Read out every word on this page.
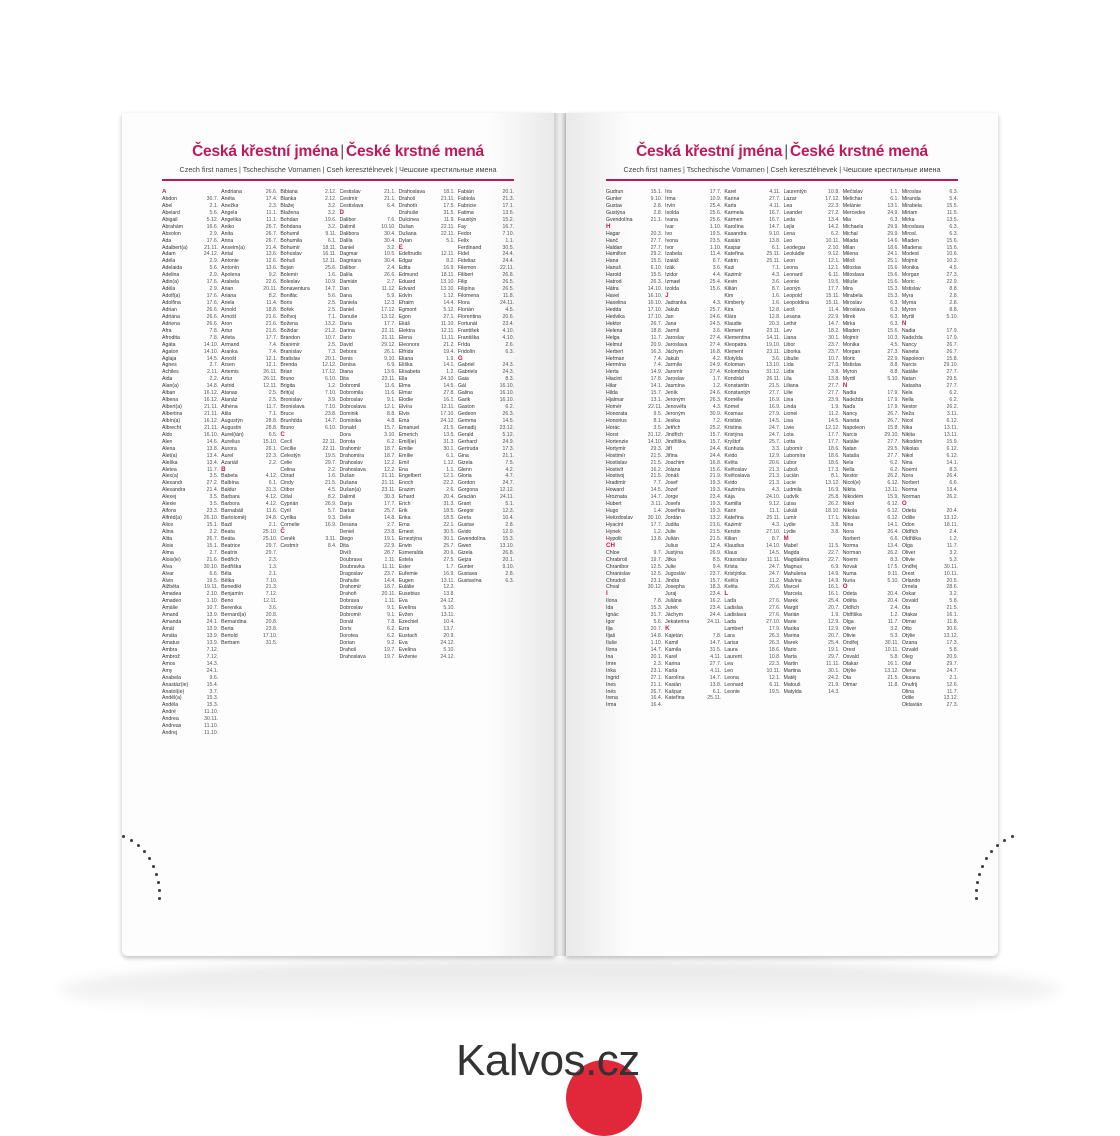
Česká křestní jména | České krstné mená
Czech first names | Tschechische Vornamen | Cseh keresztélnevek | Чешские крестильные имена
A
Abdon	30.7.
Ábel	2.1.
Abelard	5.6.
Abigail	5.12.
Abrahám	16.6.
Absolon	2.9.
Ada	17.6.
Adalbert(a)	21.11.
Adam	24.12.
Adéla	2.9.
Adelaida	5.6.
Adelina	2.9.
Adin(a)	17.6.
Adéla	2.9.
Adolf(a)	17.6.
Adolfina	17.6.
Adrian	26.6.
Adriána	26.6.
Adriena	26.6.
Afra	7.8.
Afrodita	7.8.
Agáta	14.10.
Agaton	14.10.
Aglaja	14.5.
Agnes	2.7.
Achiles	2.11.
Aida	2.2.
Alan(a)	14.8.
Alban	16.12.
Albena	16.12.
Albert(a)	21.11.
Albertina	21.11.
Albín(a)	16.12.
Albrecht	21.11.
Aldo	16.10.
Alen	14.6.
Alena	13.8.
Alet(a)	13.4.
Aleška	13.4.
Aletea	11.7.
Alex(a)	3.5.
Alexandr	27.2.
Alexandra	21.4.
Alexej	3.5.
Alexie	3.5.
Alfons	23.3.
Alfréd(a)	26.10.
Alice	15.1.
Alina	2.2.
Alita	26.7.
Alois	15.1.
Alma	2.7.
Alois(ie)	21.6.
Alva	30.10.
Alvar	6.6.
Alvin	19.5.
Alžběta	19.11.
Amadea	2.10.
Amadeo	1.10.
Amálie	10.7.
Amand	13.9.
Amanda	24.1.
Amát	13.9.
Amáta	13.9.
Amatus	13.9.
Ambra	7.12.
Ambrož	7.12.
Amos	14.3.
Amy	24.1.
Anabela	9.6.
Anastáz(ie)	15.4.
Anatol(ie)	3.7.
Anděl(a)	15.3.
Anděla	15.3.
André	11.10.
Andrea	30.11.
Andreas	11.10.
Andrej	11.10.
Andriana	26.6.
Anéta	17.4.
Anežka	2.3.
Angela	11.1.
Angelika	11.1.
Aniko	26.7.
Anita	26.7.
Anna	26.7.
Anselm(a)	21.4.
Antal	13.6.
Antonie	12.6.
Antonín	13.6.
Apolena	9.2.
Arabela	22.6.
Arian	20.11.
Ariana	8.2.
Ariela	11.4.
Arnold	18.8.
Arnošt	21.6.
Aron	21.6.
Artur	21.6.
Arleta	17.7.
Armand	7.4.
Aranka	7.4.
Arnošt	12.1.
Arsen	12.1.
Artemis	26.11.
Artur	26.11.
Astrid	12.11.
Atanas	2.5.
Atanáz	2.5.
Athéna	11.7.
Atila	7.1.
Augustýn	28.8.
Augustin	28.8.
Aurel(ián)	6.5.
Aurelius	15.10.
Aurora	26.1.
Aurel	22.3.
Azariáš	2.2.
B
Babeta	4.12.
Balbína	6.1.
Baldur	31.3.
Barbara	4.12.
Barbora	4.12.
Barnabáš	11.6.
Bartoloměj	24.8.
Bazil	2.1.
Beata	25.10.
Beáta	25.10.
Beatrice	29.7.
Beatrix	29.7.
Bedřich	2.3.
Bedřiška	1.3.
Běla	2.1.
Bělka	7.10.
Benedikt	21.3.
Benjamín	7.12.
Beno	12.11.
Berenika	3.6.
Bernard(a)	20.8.
Bernardina	20.8.
Berta	23.8.
Bertold	17.10.
Bertram	31.5.
Bibiana	2.12.
Blanka	2.12.
Blažej	3.2.
Blažena	3.2.
Bohdan	19.6.
Bohdana	3.2.
Bohumil	9.11.
Bohumila	6.1.
Bohumír	18.11.
Bohuslav	16.11.
Bohuš	12.11.
Bojan	25.6.
Bolemír	1.6.
Boleslav	10.9.
Bonaventura	14.7.
Bonifác	5.6.
Boris	2.5.
Bořek	2.5.
Bořivoj	7.1.
Božena	13.2.
Božidar	21.2.
Brandon	10.7.
Branimír	2.5.
Branislav	7.3.
Bratislav	20.1.
Brenda	12.12.
Brian	17.12.
Bruno	6.10.
Brigita	1.2.
Brit(a)	7.10.
Bronislav	3.9.
Bronislava	7.10.
Bruce	23.8.
Brunhilda	14.7.
Bruno	6.10.
C
Cecil	22.11.
Cecílie	22.11.
Celestýn	19.5.
Celie	29.7.
Celina	2.2.
Ctirad	1.6.
Cindy	21.5.
Ctibor	4.5.
Citlal	8.2.
Cyprián	26.9.
Cyril	5.7.
Cyrilka	9.3.
Cornelie	16.9.
Č
Čeněk	3.11.
Čestmír	8.4.
Čestislav	21.1.
Čestmír	21.1.
Čestislava	6.4.
D
Dalibor	7.6.
Dalimil	10.10.
Dalibora	30.4.
Dalila	30.4.
Daniel	3.2.
Dagmar	10.5.
Dagmara	30.4.
Dalibor	2.4.
Dalila	26.6.
Damián	2.7.
Dan	11.12.
Dana	5.9.
Daniela	12.3.
Daniel	17.12.
Danuše	13.12.
Daria	17.7.
Darina	22.11.
Dario	21.11.
David	29.12.
Debora	26.1.
Denis	9.10.
Denisa	6.9.
Diana	13.6.
Dita	23.11.
Dobromil	11.6.
Dobromila	11.6.
Dobroslav	9.1.
Dobroslava	12.1.
Dominik	8.8.
Dominika	4.8.
Donald	15.7.
Dora	3.10.
Dorota	6.2.
Drahomír	18.7.
Drahomíra	18.7.
Drahoslav	12.2.
Drahoslava	12.2.
Dušan	21.11.
Dušana	21.11.
Dušan(a)	23.11.
Dalimil	30.3.
Darja	17.7.
Darius	25.7.
Delie	14.8.
Desana	2.7.
Deniel	23.8.
Diego	19.1.
Dita	22.9.
Divíš	28.7.
Doubrava	1.11.
Doubravka	11.11.
Dragoslav	23.7.
Drahuše	14.4.
Drahomír	18.7.
Drahoň	20.11.
Dobrava	1.11.
Dobroslav	9.1.
Dobromír	9.1.
Donát	7.8.
Doris	6.2.
Dorotea	6.2.
Dorian	9.2.
Drahoš	19.7.
Drahoslava	19.7.
Drahoslava	18.1.
Drahoš	21.11.
Drahotír	17.5.
Drahuše	31.5.
Dulcinea	11.9.
Dušan	22.11.
Dušana	22.11.
Dylan	5.1.
E
Edeltrudis	12.11.
Edgar	8.2.
Edita	16.9.
Edmund	18.11.
Eduard	13.10.
Edvard	13.10.
Edvín	1.12.
Efraim	14.4.
Egmont	5.12.
Egon	27.1.
Eliáš	11.10.
Elektra	12.11.
Elena	11.11.
Eleonora	21.2.
Elfrida	19.4.
Eliana	1.9.
Eliška	14.1.
Elisabeta	1.2.
Ella	24.10.
Elma	14.5.
Elmar	27.8.
Elodie	16.1.
Elvíra	12.11.
Elvis	17.10.
Ema	24.12.
Emanuel	21.5.
Emerich	13.5.
Emil(ie)	31.3.
Emilie	30.1.
Emílie	6.1.
Emil	1.12.
Ena	1.1.
Engelbert	12.1.
Enoch	22.2.
Erazim	2.6.
Erhard	20.4.
Erich	31.3.
Erik	18.5.
Erika	18.5.
Erna	22.1.
Ernest	30.5.
Ernestýna	30.1.
Erwin	25.7.
Esmeralda	20.6.
Estela	27.5.
Ester	1.7.
Eufemie	16.9.
Eugen	13.11.
Eulálie	12.2.
Eusebius	13.8.
Eva	24.12.
Evelína	5.10.
Evžen	13.11.
Ezechiel	10.4.
Ezra	13.7.
Eustach	20.9.
Eva	24.12.
Evelína	5.10.
Evženie	24.12.
Fabián	20.1.
Fabiola	21.3.
Fabricie	17.1.
Fatima	13.5.
Faustýn	15.2.
Fay	16.7.
Fedor	7.10.
Felix	1.1.
Ferdinand	30.5.
Fidel	24.4.
Fideliaz	24.4.
Filemon	22.11.
Filibert	26.8.
Filip	26.5.
Filipína	26.5.
Filomena	11.8.
Flora	24.11.
Florián	4.5.
Florentina	20.6.
Fortunát	23.4.
František	4.10.
Františka	4.10.
Frída	2.6.
Fridolín	6.3.
G
Gabriel	24.3.
Gabriela	24.3.
Gaia	8.3.
Gál	16.10.
Galina	16.10.
Garik	16.10.
Gaston	6.2.
Gedeon	26.3.
Gemma	14.5.
Genadij	23.12.
Gerald	5.12.
Gerhard	24.9.
Gertruda	17.3.
Gina	21.1.
Gizela	7.5.
Glenn	4.2.
Gloria	4.7.
Gordon	24.7.
Gorgona	12.12.
Gracián	24.11.
Grant	5.1.
Gregor	12.3.
Greta	10.4.
Gustav	2.8.
Gvido	12.9.
Gwendolína	15.3.
Gwen	13.10.
Gizela	26.8.
Gejza	20.1.
Gunter	9.10.
Gustava	2.8.
Gustavína	6.3.
Česká křestní jména | České krstné mená
Czech first names | Tschechische Vornamen | Cseh keresztélnevek | Чешские крестильные имена
Gudrun	15.1.
Gunter	9.10.
Gustav	2.8.
Gustýna	2.8.
Gvendolína	21.1.
H
Hagar	20.3.
Hanč	27.7.
Haldan	27.7.
Hamilton	29.2.
Hana	15.5.
Hanuš	6.10.
Harold	15.5.
Hatrod	26.3.
Hátra	14.10.
Havel	16.10.
Haxelina	16.10.
Hedda	17.10.
Hedvika	17.10.
Hektor	26.7.
Helena	18.8.
Helga	11.7.
Helmut	20.9.
Herbert	16.3.
Heřman	7.4.
Hermína	7.4.
Herta	14.9.
Hiacint	17.8.
Hilar	14.1.
Hilda	15.7.
Hjalmar	13.1.
Homér	22.11.
Honorata	9.5.
Honorius	8.1.
Horác	3.5.
Horst	31.12.
Hortenzie	14.10.
Hortymír	29.3.
Hostimír	21.5.
Hostislav	21.5.
Hostivít	16.2.
Hostivoj	21.5.
Hradimír	7.7.
Howard	14.5.
Hroznata	14.7.
Hubert	3.11.
Hugo	1.4.
Hvězdoslav	30.10.
Hyacint	17.7.
Hynek	1.2.
Hypolit	13.8.
CH
Chloe	9.7.
Chrabroš	19.7.
Chranibor	12.5.
Chranislav	12.5.
Chrudoš	23.1.
Chval	30.12.
I
Ilona	7.8.
Ida	15.3.
Ignác	31.7.
Igor	5.6.
Ilja	20.7.
Iljaš	14.8.
Iluše	1.10.
Ilona	14.7.
Ina	20.1.
Imre	2.3.
Inka	23.1.
Ingrid	27.1.
Ines	21.1.
Inés	26.7.
Irena	16.4.
Irma	16.4.
Iris	17.7.
Irma	10.9.
Irvín	25.4.
Isolda	25.6.
Ivana	25.6.
Ivar	1.10.
Ivo	19.5.
Ivona	23.5.
Ivor	1.10.
Izabela	11.4.
Izaiáš	6.7.
Izák	3.6.
Izidor	4.4.
Izmael	25.4.
Izolda	15.6.
J
Jadranka	4.3.
Jakub	25.7.
Jan	24.6.
Jana	24.5.
Jarmil	3.6.
Jaroslav	27.4.
Jaroslava	27.4.
Jáchym	16.8.
Jakub	4.2.
Jarmila	24.9.
Jaromír	27.4.
Jaroslav	1.7.
Jasmína	1.2.
Jeník	24.6.
Jeroným	26.3.
Jenovéfa	4.3.
Jeroným	30.9.
Jesika	7.2.
Jetřich	25.2.
Jindřich	15.7.
Jindřiška	15.7.
Jiří	24.4.
Jiřina	24.4.
Joachim	16.8.
Jolana	15.6.
Jonáš	21.9.
Josef	19.3.
Jozef	19.3.
Jorge	23.4.
Josefa	19.3.
Josefína	19.3.
Jordán	13.2.
Judita	21.6.
Julie	21.5.
Julián	21.5.
Julius	12.4.
Justýna	26.9.
Jitka	8.5.
Julie	9.4.
Jugosláv	23.7.
Jindra	15.7.
Josepha	18.3.
Juraj	23.4.
Juliána	16.2.
Jurek	23.4.
Jáchym	24.4.
Jekaterina	24.11.
K
Kajetán	7.8.
Kamil	14.7.
Kamila	31.5.
Karel	4.11.
Karina	27.7.
Karla	4.11.
Karolína	14.7.
Kasián	13.8.
Kašpar	6.1.
Kateřina	25.11.
Karel	4.11.
Karina	27.7.
Karla	4.11.
Karmela	16.7.
Karmen	16.7.
Karolína	14.7.
Kasandra	9.10.
Kasián	13.8.
Kaspar	6.1.
Kateřina	25.11.
Katrin	25.11.
Kazi	7.1.
Kazimír	4.3.
Kevin	3.6.
Kilián	8.7.
Kim	1.6.
Kimberly	1.6.
Kira	12.8.
Klára	12.8.
Klaudie	20.3.
Klement	23.11.
Klementina	14.11.
Kleopatra	19.10.
Klement	23.11.
Klotylda	3.6.
Koloman	13.10.
Kolombína	31.12.
Kondrád	26.11.
Konstantin	21.5.
Konstantýn	27.7.
Kornélie	16.9.
Kornel	16.9.
Kosmas	27.9.
Kristián	14.5.
Kristina	24.7.
Kristýna	24.7.
Kryštof	25.7.
Kunhuta	3.3.
Kvido	12.9.
Květa	20.6.
Květoslav	21.3.
Květoslava	21.3.
Kvido	21.3.
Kazimíra	4.3.
Kája	24.10.
Kamilla	9.12.
Karin	11.1.
Kateřina	25.11.
Kazimír	4.3.
Kerstin	27.10.
Kilian	8.7.
Klaudius	14.10.
Klaus	14.5.
Krasoslav	11.11.
Krista	24.7.
Kristýnka	24.7.
Kvěťa	11.2.
Květa	20.6.
L
Laďa	27.6.
Ladislav	27.6.
Ladislava	27.6.
Lada	27.10.
Lambert	17.9.
Lara	26.3.
Larisa	26.3.
Laura	18.6.
Laurent	10.8.
Lea	22.3.
Leo	10.11.
Leona	12.1.
Leonard	6.11.
Leonie	19.5.
Laurentýn	10.8.
Lazar	17.12.
Lea	22.3.
Leander	27.2.
Leda	13.4.
Lejla	14.2.
Lena	6.2.
Leo	10.11.
Leodegar	2.10.
Leokádie	9.12.
Leon	12.1.
Leona	12.1.
Leonard	6.11.
Leonie	19.5.
Leonýn	17.7.
Leopold	15.11.
Leopoldina	15.11.
Leoš	11.4.
Lesana	22.9.
Lethir	14.7.
Lev	18.2.
Liana	30.1.
Libor	23.7.
Liborka	23.7.
Libuše	10.7.
Lída	27.3.
Lidie	3.8.
Lila	13.8.
Liliana	27.7.
Lilie	27.7.
Lina	23.9.
Linda	1.9.
Lionel	11.2.
Lisa	14.5.
Livie	12.12.
Lota	17.7.
Lotta	17.7.
Lubomír	18.6.
Lubomíra	18.6.
Lubor	18.6.
Luboš	17.3.
Lucián	8.1.
Lucie	13.12.
Ludmila	16.9.
Ludvík	25.8.
Luisa	26.2.
Lukáš	18.10.
Lumír	17.1.
Lydie	3.8.
Lýdie	3.8.
M
Mabel	11.5.
Magda	22.7.
Magdaléna	22.7.
Magnus	6.9.
Mahulena	14.9.
Malvína	14.9.
Marcel	16.1.
Marcela	16.1.
Marek	25.4.
Margit	20.7.
Marián	1.9.
Marie	12.9.
Marika	12.9.
Marina	20.7.
Marek	25.4.
Mario	19.1.
Marta	29.7.
Martin	11.11.
Martina	30.1.
Matěj	24.2.
Matouš	21.9.
Matylda	14.3.
Mečislav	1.1.
Melichar	6.1.
Melánie	13.1.
Mercedes	24.9.
Mia	6.3.
Michaela	29.9.
Michal	29.9.
Milada	14.6.
Milan	18.6.
Milena	24.1.
Miloš	25.1.
Miloslav	15.6.
Miloslava	15.6.
Miluše	15.6.
Mira	15.3.
Mirabela	15.3.
Miroslav	6.3.
Miroslava	6.3.
Mirek	6.3.
Mirka	6.3.
Mladen	15.6.
Mojmír	10.3.
Monika	4.5.
Morgan	27.3.
Moric	22.9.
Mstislav	8.8.
Myron	8.8.
Myrtil	5.10.
N
Nadia	17.9.
Nadežda	17.9.
Naďa	17.9.
Nancy	26.7.
Naneta	26.7.
Napoleon	15.8.
Narcis	29.10.
Natálie	27.7.
Natan	29.5.
Nataša	27.7.
Nela	6.2.
Nella	6.2.
Nestor	26.2.
Nicol(e)	6.12.
Nikita	13.11.
Nikodém	15.9.
Nikol	6.12.
Nikola	6.12.
Nikolas	6.12.
Nina	14.1.
Nora	26.4.
Norbert	6.6.
Norma	13.4.
Norman	26.2.
Noemi	8.3.
Novak	17.5.
Numa	9.11.
Nuria	5.10.
O
Odeta	20.4.
Oděta	20.4.
Oldřich	2.4.
Oldřiška	1.2.
Olga	11.7.
Oliver	3.2.
Olivie	5.3.
Ondřej	30.11.
Orest	10.11.
Osvald	5.8.
Otakar	16.1.
Otýlie	13.12.
Ota	21.5.
Otmar	11.8.
Miroslav	6.3.
Miranda	5.4.
Mirabela	15.5.
Miriam	11.5.
Mirka	13.5.
Miroslava	6.3.
Mirosl.	6.3.
Mladen	15.6.
Mladena	15.6.
Modest	10.6.
Mojmír	10.3.
Monika	4.5.
Morgan	27.3.
Moric	22.9.
Mstislav	8.8.
Myra	2.8.
Myrna	2.8.
Myron	8.8.
Myrtil	5.10.
N
Nadia	17.9.
Nadežda	17.9.
Nancy	26.7.
Naneta	26.7.
Napoleon	15.8.
Narcis	29.10.
Natálie	27.7.
Natan	29.5.
Natasha	27.7.
Nela	6.2.
Nella	6.2.
Nestor	26.2.
Neža	3.11.
Nicol	6.12.
Nika	13.11.
Nikita	13.11.
Nikodém	15.9.
Nikolas	6.12.
Nikol	6.12.
Nina	14.1.
Noemi	8.3.
Nora	26.4.
Norbert	6.6.
Norma	13.4.
Norman	26.2.
O
Odeta	20.4.
Odilie	13.12.
Odon	18.11.
Oldřich	2.4.
Oldřiška	1.2.
Olga	11.7.
Oliver	3.2.
Olivie	5.3.
Ondřej	30.11.
Orest	10.11.
Orlando	20.5.
Ornela	28.6.
Oskar	3.2.
Osvald	5.8.
Ota	21.5.
Otakar	16.1.
Otmar	11.8.
Otto	30.6.
Otýlie	13.12.
Ozana	17.3.
Ozvald	5.8.
Oleg	20.9.
Olaf	29.7.
Olena	24.7.
Oksana	2.1.
Onufrij	12.6.
Olina	11.7.
Odile	13.12.
Oktavián	27.3.
Kalvos.cz
